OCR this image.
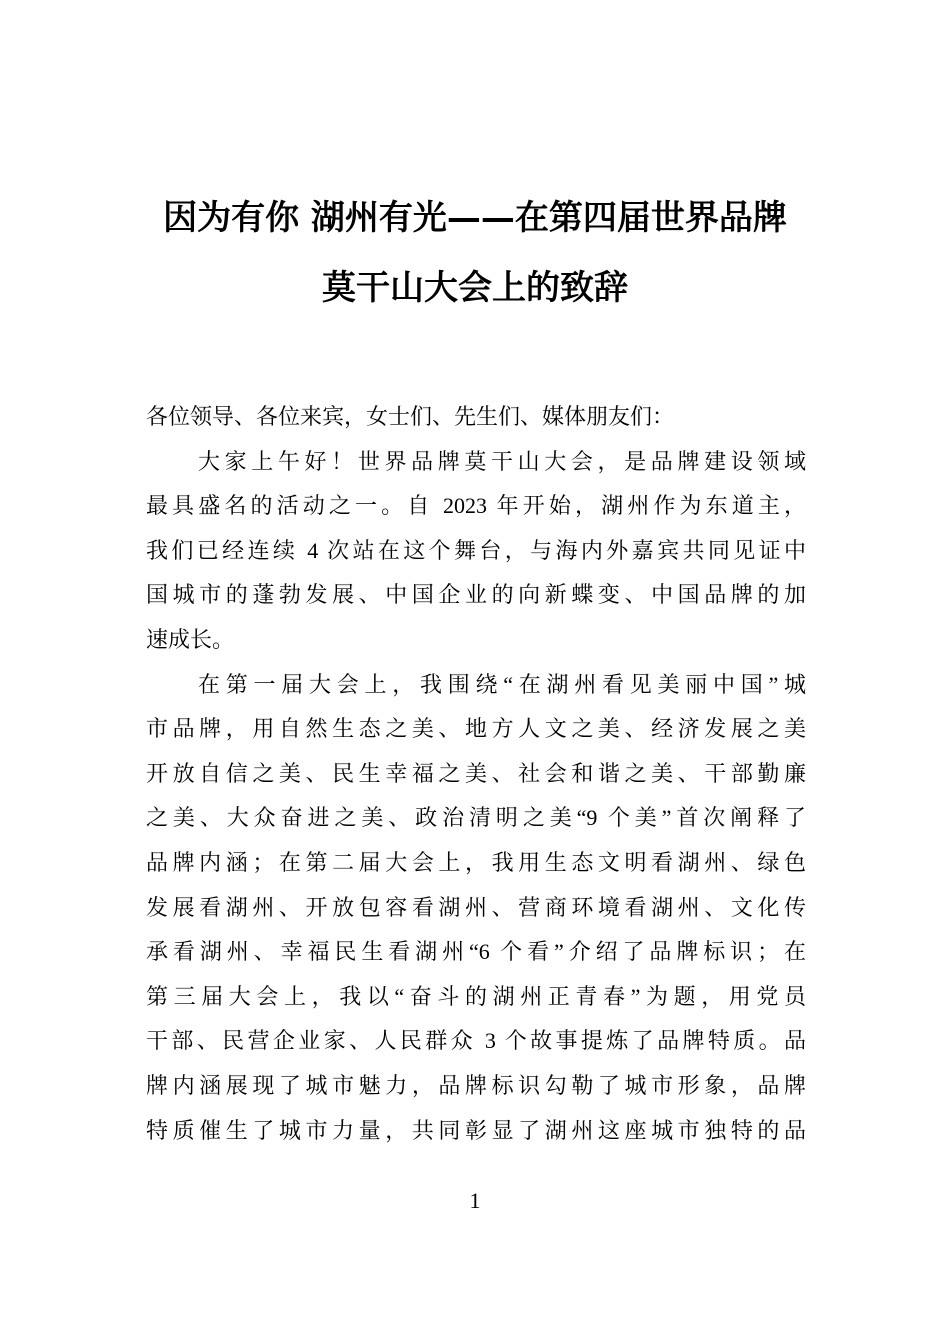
因为有你 湖州有光——在第四届世界品牌
莫干山大会上的致辞
各位领导、各位来宾，女士们、先生们、媒体朋友们：
大家上午好！世界品牌莫干山大会，是品牌建设领域
最具盛名的活动之一。自 2023 年开始，湖州作为东道主，
我们已经连续 4 次站在这个舞台，与海内外嘉宾共同见证中
国城市的蓬勃发展、中国企业的向新蝶变、中国品牌的加
速成长。
在第一届大会上，我围绕“在湖州看见美丽中国”城
市品牌，用自然生态之美、地方人文之美、经济发展之美
开放自信之美、民生幸福之美、社会和谐之美、干部勤廉
之美、大众奋进之美、政治清明之美“9 个美”首次阐释了
品牌内涵；在第二届大会上，我用生态文明看湖州、绿色
发展看湖州、开放包容看湖州、营商环境看湖州、文化传
承看湖州、幸福民生看湖州“6 个看”介绍了品牌标识；在
第三届大会上，我以“奋斗的湖州正青春”为题，用党员
干部、民营企业家、人民群众 3 个故事提炼了品牌特质。品
牌内涵展现了城市魅力，品牌标识勾勒了城市形象，品牌
特质催生了城市力量，共同彰显了湖州这座城市独特的品
1
